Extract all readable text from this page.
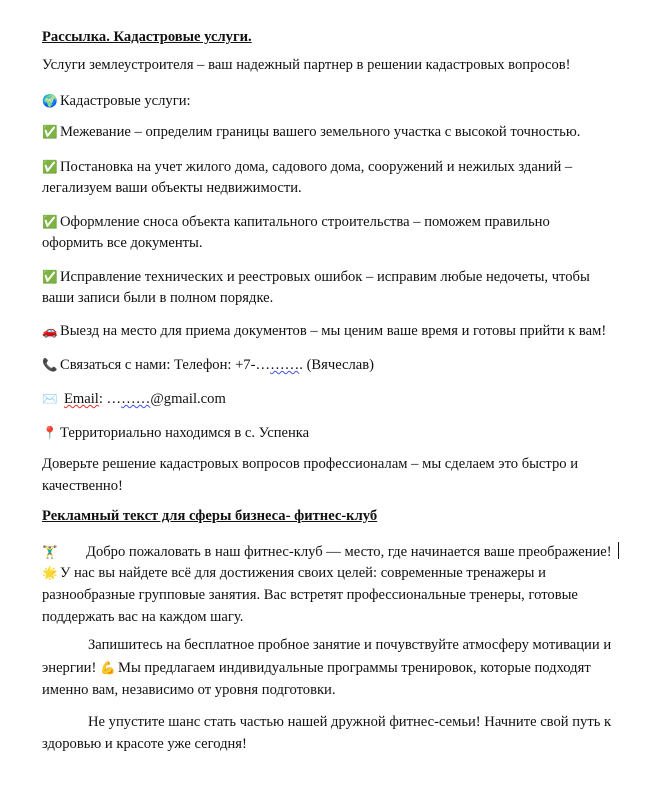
Рассылка. Кадастровые услуги.
Услуги землеустроителя – ваш надежный партнер в решении кадастровых вопросов!
🌍 Кадастровые услуги:
✅ Межевание – определим границы вашего земельного участка с высокой точностью.
✅ Постановка на учет жилого дома, садового дома, сооружений и нежилых зданий –
легализуем ваши объекты недвижимости.
✅ Оформление сноса объекта капитального строительства – поможем правильно
оформить все документы.
✅ Исправление технических и реестровых ошибок – исправим любые недочеты, чтобы
ваши записи были в полном порядке.
🚗 Выезд на место для приема документов – мы ценим ваше время и готовы прийти к вам!
📞 Связаться с нами: Телефон: +7-………. (Вячеслав)
✉️ Email: ………@gmail.com
📍 Территориально находимся в с. Успенка
Доверьте решение кадастровых вопросов профессионалам – мы сделаем это быстро и
качественно!
Рекламный текст для сферы бизнеса- фитнес-клуб
🏋️‍♂️ Добро пожаловать в наш фитнес-клуб — место, где начинается ваше преображение!
🌟 У нас вы найдете всё для достижения своих целей: современные тренажеры и
разнообразные групповые занятия. Вас встретят профессиональные тренеры, готовые
поддержать вас на каждом шагу.
Запишитесь на бесплатное пробное занятие и почувствуйте атмосферу мотивации и
энергии! 💪 Мы предлагаем индивидуальные программы тренировок, которые подходят
именно вам, независимо от уровня подготовки.
Не упустите шанс стать частью нашей дружной фитнес-семьи! Начните свой путь к
здоровью и красоте уже сегодня!
